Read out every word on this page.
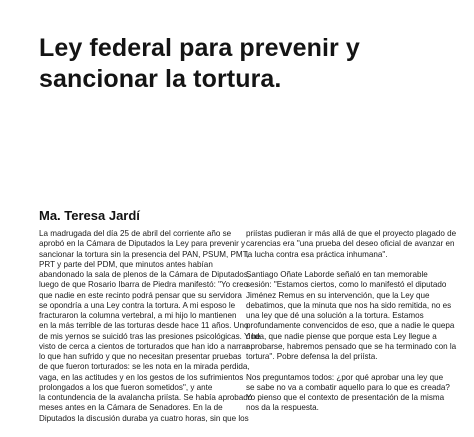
Ley federal para prevenir y
sancionar la tortura.
Ma. Teresa Jardí
La madrugada del día 25 de abril del corriente año se
aprobó en la Cámara de Diputados la Ley para prevenir y
sancionar la tortura sin la presencia del PAN, PSUM, PMT,
PRT y parte del PDM, que minutos antes habían
abandonado la sala de plenos de la Cámara de Diputados,
luego de que Rosario Ibarra de Piedra manifestó: "Yo creo
que nadie en este recinto podrá pensar que su servidora
se opondría a una Ley contra la tortura. A mi esposo le
fracturaron la columna vertebral, a mi hijo lo mantienen
en la más terrible de las torturas desde hace 11 años. Uno
de mis yernos se suicidó tras las presiones psicológicas. Y he
visto de cerca a cientos de torturados que han ido a narrar
lo que han sufrido y que no necesitan presentar pruebas
de que fueron torturados: se les nota en la mirada perdida,
vaga, en las actitudes y en los gestos de los sufrimientos
prolongados a los que fueron sometidos", y ante
la contundencia de la avalancha priísta. Se había aprobado
meses antes en la Cámara de Senadores. En la de
Diputados la discusión duraba ya cuatro horas, sin que los
priístas pudieran ir más allá de que el proyecto plagado de
carencias era "una prueba del deseo oficial de avanzar en
la lucha contra esa práctica inhumana".
Santiago Oñate Laborde señaló en tan memorable
sesión: "Estamos ciertos, como lo manifestó el diputado
Jiménez Remus en su intervención, que la Ley que
debatimos, que la minuta que nos ha sido remitida, no es
una ley que dé una solución a la tortura. Estamos
profundamente convencidos de eso, que a nadie le quepa
duda, que nadie piense que porque esta Ley llegue a
aprobarse, habremos pensado que se ha terminado con la
tortura". Pobre defensa la del priísta.
Nos preguntamos todos: ¿por qué aprobar una ley que
se sabe no va a combatir aquello para lo que es creada?
Yo pienso que el contexto de presentación de la misma
nos da la respuesta.
